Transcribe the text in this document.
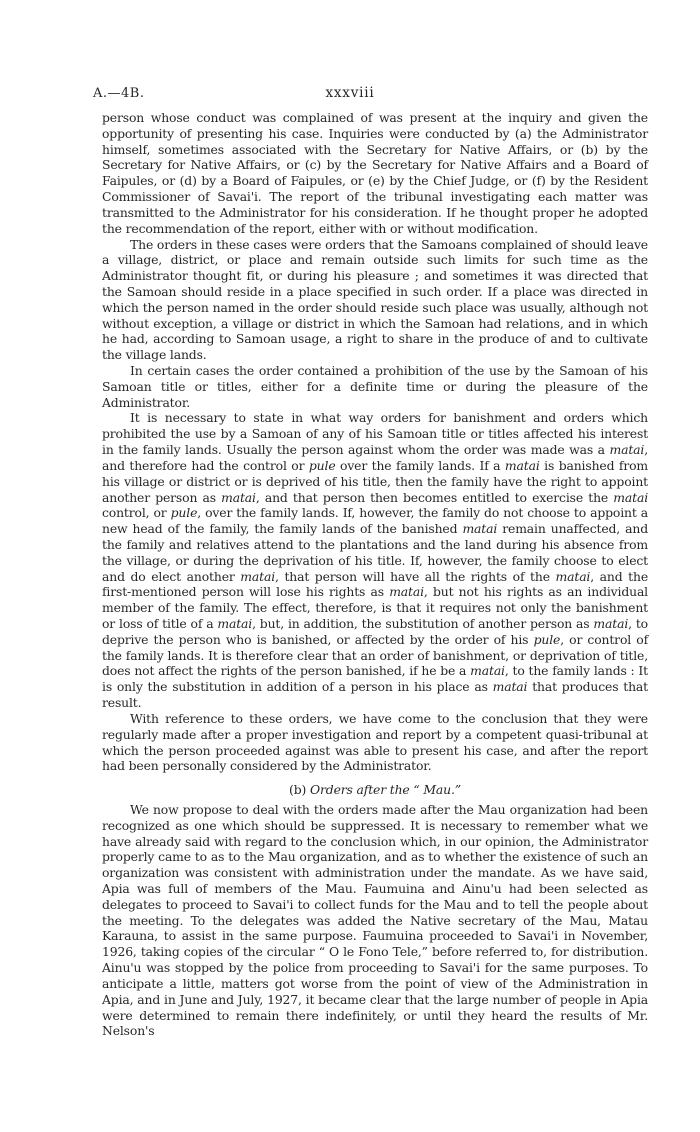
A.—4B.	xxxviii

person whose conduct was complained of was present at the inquiry and given the opportunity of presenting his case. Inquiries were conducted by (a) the Administrator himself, sometimes associated with the Secretary for Native Affairs, or (b) by the Secretary for Native Affairs, or (c) by the Secretary for Native Affairs and a Board of Faipules, or (d) by a Board of Faipules, or (e) by the Chief Judge, or (f) by the Resident Commissioner of Savai'i. The report of the tribunal investigating each matter was transmitted to the Administrator for his consideration. If he thought proper he adopted the recommendation of the report, either with or without modification.

The orders in these cases were orders that the Samoans complained of should leave a village, district, or place and remain outside such limits for such time as the Administrator thought fit, or during his pleasure ; and sometimes it was directed that the Samoan should reside in a place specified in such order. If a place was directed in which the person named in the order should reside such place was usually, although not without exception, a village or district in which the Samoan had relations, and in which he had, according to Samoan usage, a right to share in the produce of and to cultivate the village lands.

In certain cases the order contained a prohibition of the use by the Samoan of his Samoan title or titles, either for a definite time or during the pleasure of the Administrator.

It is necessary to state in what way orders for banishment and orders which prohibited the use by a Samoan of any of his Samoan title or titles affected his interest in the family lands. Usually the person against whom the order was made was a matai, and therefore had the control or pule over the family lands. If a matai is banished from his village or district or is deprived of his title, then the family have the right to appoint another person as matai, and that person then becomes entitled to exercise the matai control, or pule, over the family lands. If, however, the family do not choose to appoint a new head of the family, the family lands of the banished matai remain unaffected, and the family and relatives attend to the plantations and the land during his absence from the village, or during the deprivation of his title. If, however, the family choose to elect and do elect another matai, that person will have all the rights of the matai, and the first-mentioned person will lose his rights as matai, but not his rights as an individual member of the family. The effect, therefore, is that it requires not only the banishment or loss of title of a matai, but, in addition, the substitution of another person as matai, to deprive the person who is banished, or affected by the order of his pule, or control of the family lands. It is therefore clear that an order of banishment, or deprivation of title, does not affect the rights of the person banished, if he be a matai, to the family lands : It is only the substitution in addition of a person in his place as matai that produces that result.

With reference to these orders, we have come to the conclusion that they were regularly made after a proper investigation and report by a competent quasi-tribunal at which the person proceeded against was able to present his case, and after the report had been personally considered by the Administrator.

(b) Orders after the “ Mau.”

We now propose to deal with the orders made after the Mau organization had been recognized as one which should be suppressed. It is necessary to remember what we have already said with regard to the conclusion which, in our opinion, the Administrator properly came to as to the Mau organization, and as to whether the existence of such an organization was consistent with administration under the mandate. As we have said, Apia was full of members of the Mau. Faumuina and Ainu'u had been selected as delegates to proceed to Savai'i to collect funds for the Mau and to tell the people about the meeting. To the delegates was added the Native secretary of the Mau, Matau Karauna, to assist in the same purpose. Faumuina proceeded to Savai'i in November, 1926, taking copies of the circular “ O le Fono Tele,” before referred to, for distribution. Ainu'u was stopped by the police from proceeding to Savai'i for the same purposes. To anticipate a little, matters got worse from the point of view of the Administration in Apia, and in June and July, 1927, it became clear that the large number of people in Apia were determined to remain there indefinitely, or until they heard the results of Mr. Nelson's
